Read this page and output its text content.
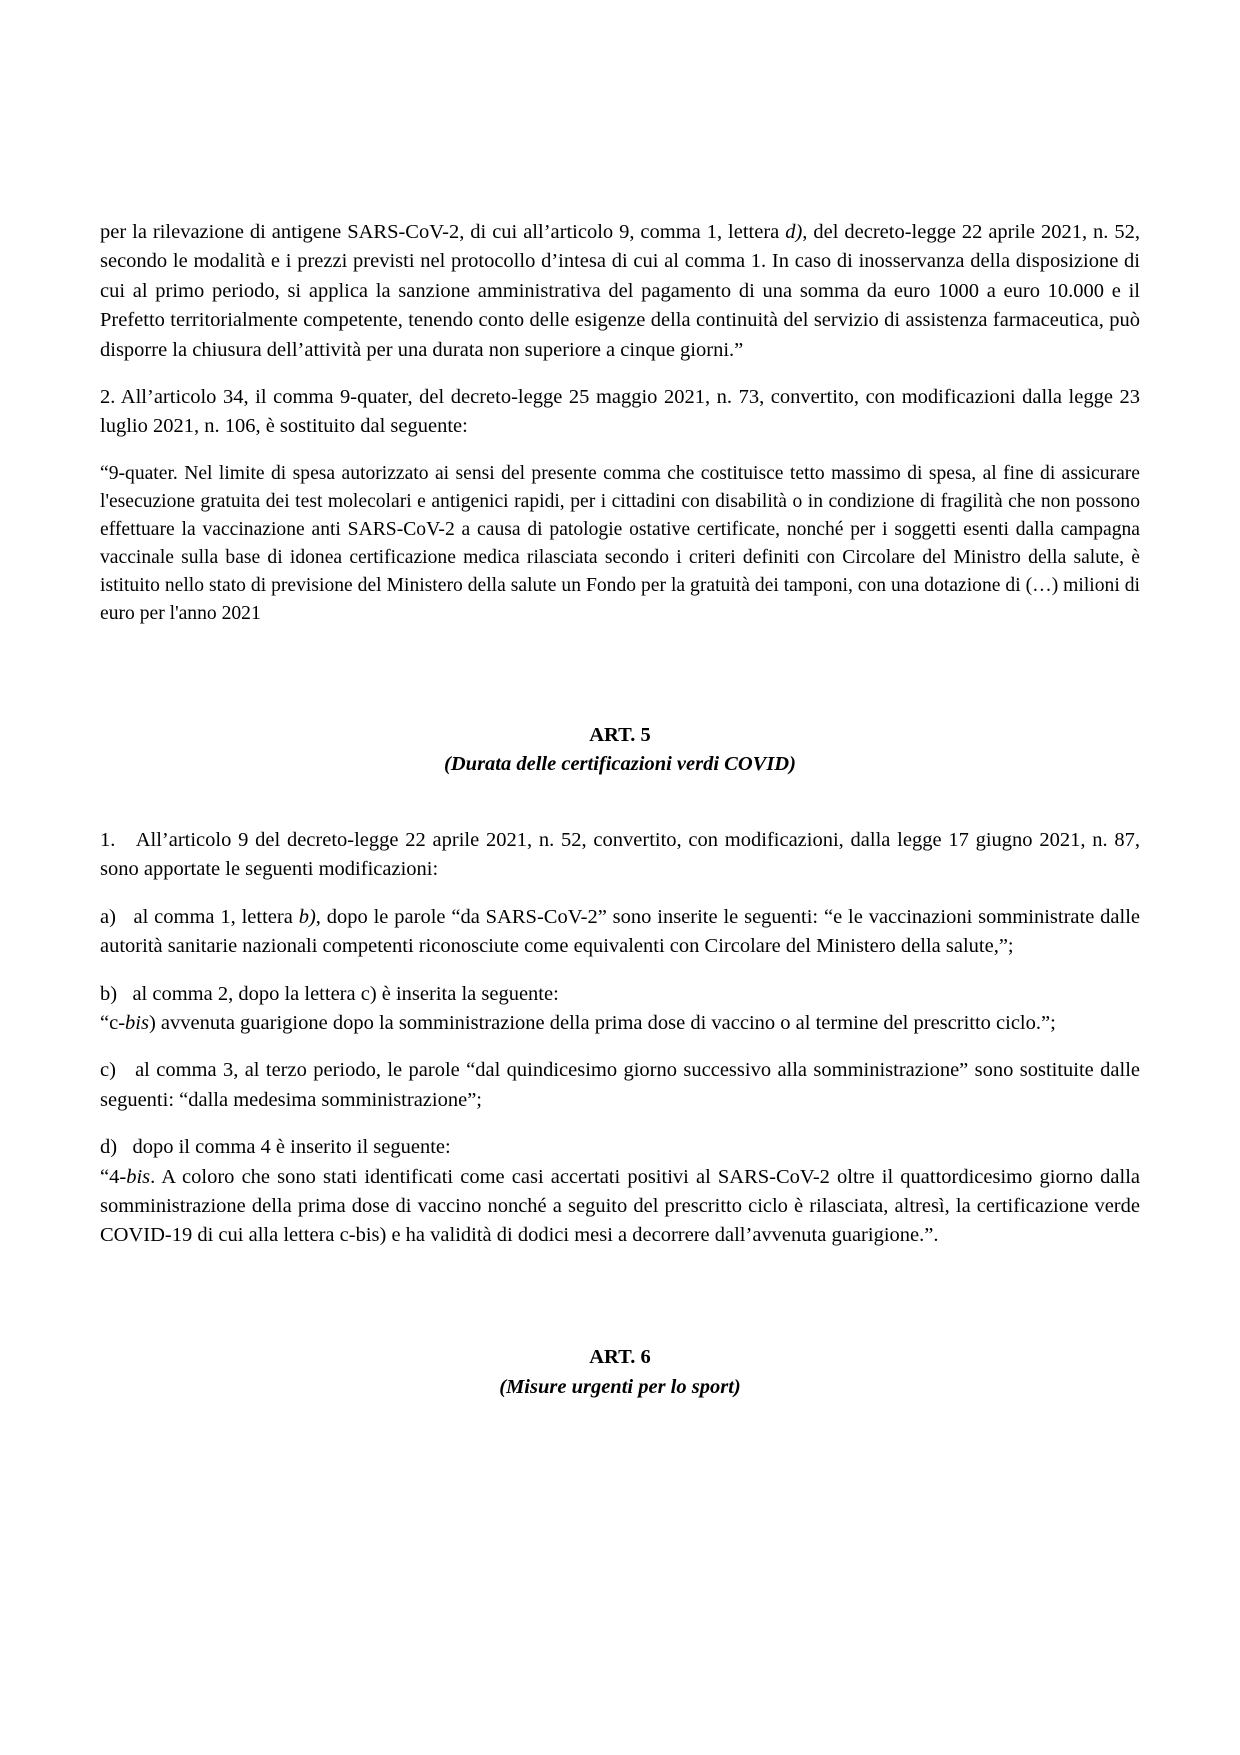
per la rilevazione di antigene SARS-CoV-2, di cui all’articolo 9, comma 1, lettera d), del decreto-legge 22 aprile 2021, n. 52, secondo le modalità e i prezzi previsti nel protocollo d’intesa di cui al comma 1. In caso di inosservanza della disposizione di cui al primo periodo, si applica la sanzione amministrativa del pagamento di una somma da euro 1000 a euro 10.000 e il Prefetto territorialmente competente, tenendo conto delle esigenze della continuità del servizio di assistenza farmaceutica, può disporre la chiusura dell’attività per una durata non superiore a cinque giorni.”

2. All’articolo 34, il comma 9-quater, del decreto-legge 25 maggio 2021, n. 73, convertito, con modificazioni dalla legge 23 luglio 2021, n. 106, è sostituito dal seguente:

“9-quater. Nel limite di spesa autorizzato ai sensi del presente comma che costituisce tetto massimo di spesa, al fine di assicurare l'esecuzione gratuita dei test molecolari e antigenici rapidi, per i cittadini con disabilità o in condizione di fragilità che non possono effettuare la vaccinazione anti SARS-CoV-2 a causa di patologie ostative certificate, nonché per i soggetti esenti dalla campagna vaccinale sulla base di idonea certificazione medica rilasciata secondo i criteri definiti con Circolare del Ministro della salute, è istituito nello stato di previsione del Ministero della salute un Fondo per la gratuità dei tamponi, con una dotazione di (…) milioni di euro per l'anno 2021

ART. 5

(Durata delle certificazioni verdi COVID)

1.   All’articolo 9 del decreto-legge 22 aprile 2021, n. 52, convertito, con modificazioni, dalla legge 17 giugno 2021, n. 87, sono apportate le seguenti modificazioni:

a)   al comma 1, lettera b), dopo le parole “da SARS-CoV-2” sono inserite le seguenti: “e le vaccinazioni somministrate dalle autorità sanitarie nazionali competenti riconosciute come equivalenti con Circolare del Ministero della salute,”;

b)   al comma 2, dopo la lettera c) è inserita la seguente:

“c-bis) avvenuta guarigione dopo la somministrazione della prima dose di vaccino o al termine del prescritto ciclo.”;

c)   al comma 3, al terzo periodo, le parole “dal quindicesimo giorno successivo alla somministrazione” sono sostituite dalle seguenti: “dalla medesima somministrazione”;

d)   dopo il comma 4 è inserito il seguente:

“4-bis. A coloro che sono stati identificati come casi accertati positivi al SARS-CoV-2 oltre il quattordicesimo giorno dalla somministrazione della prima dose di vaccino nonché a seguito del prescritto ciclo è rilasciata, altresì, la certificazione verde COVID-19 di cui alla lettera c-bis) e ha validità di dodici mesi a decorrere dall’avvenuta guarigione.”.

ART. 6

(Misure urgenti per lo sport)
